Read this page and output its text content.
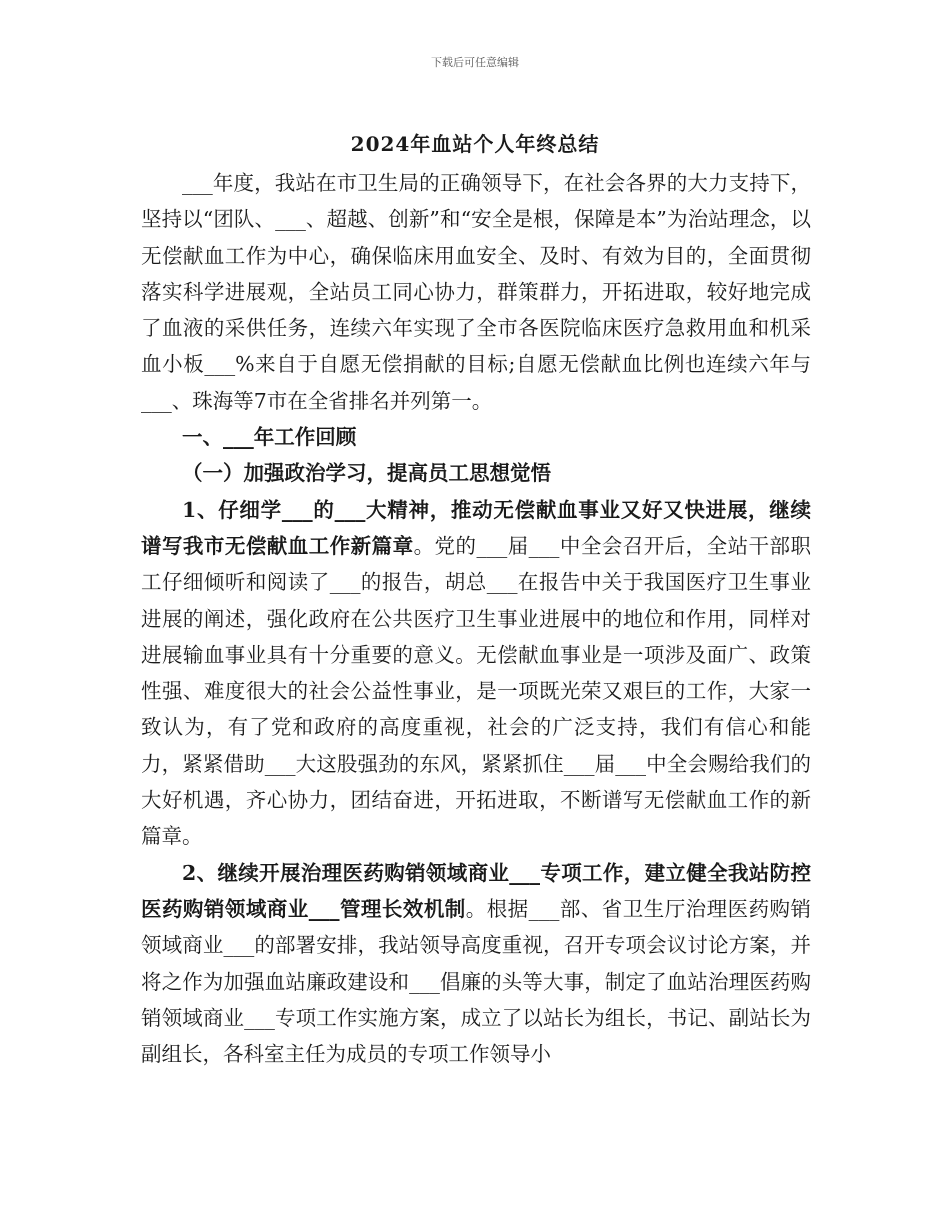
下载后可任意编辑
2024年血站个人年终总结

___年度，我站在市卫生局的正确领导下，在社会各界的大力支持下，坚持以“团队、___、超越、创新”和“安全是根，保障是本”为治站理念，以无偿献血工作为中心，确保临床用血安全、及时、有效为目的，全面贯彻落实科学进展观，全站员工同心协力，群策群力，开拓进取，较好地完成了血液的采供任务，连续六年实现了全市各医院临床医疗急救用血和机采血小板___%来自于自愿无偿捐献的目标;自愿无偿献血比例也连续六年与___、珠海等7市在全省排名并列第一。

一、___年工作回顾

（一）加强政治学习，提高员工思想觉悟

1、仔细学___的___大精神，推动无偿献血事业又好又快进展，继续谱写我市无偿献血工作新篇章。党的___届___中全会召开后，全站干部职工仔细倾听和阅读了___的报告，胡总___在报告中关于我国医疗卫生事业进展的阐述，强化政府在公共医疗卫生事业进展中的地位和作用，同样对进展输血事业具有十分重要的意义。无偿献血事业是一项涉及面广、政策性强、难度很大的社会公益性事业，是一项既光荣又艰巨的工作，大家一致认为，有了党和政府的高度重视，社会的广泛支持，我们有信心和能力，紧紧借助___大这股强劲的东风，紧紧抓住___届___中全会赐给我们的大好机遇，齐心协力，团结奋进，开拓进取，不断谱写无偿献血工作的新篇章。

2、继续开展治理医药购销领域商业___专项工作，建立健全我站防控医药购销领域商业___管理长效机制。根据___部、省卫生厅治理医药购销领域商业___的部署安排，我站领导高度重视，召开专项会议讨论方案，并将之作为加强血站廉政建设和___倡廉的头等大事，制定了血站治理医药购销领域商业___专项工作实施方案，成立了以站长为组长，书记、副站长为副组长，各科室主任为成员的专项工作领导小
